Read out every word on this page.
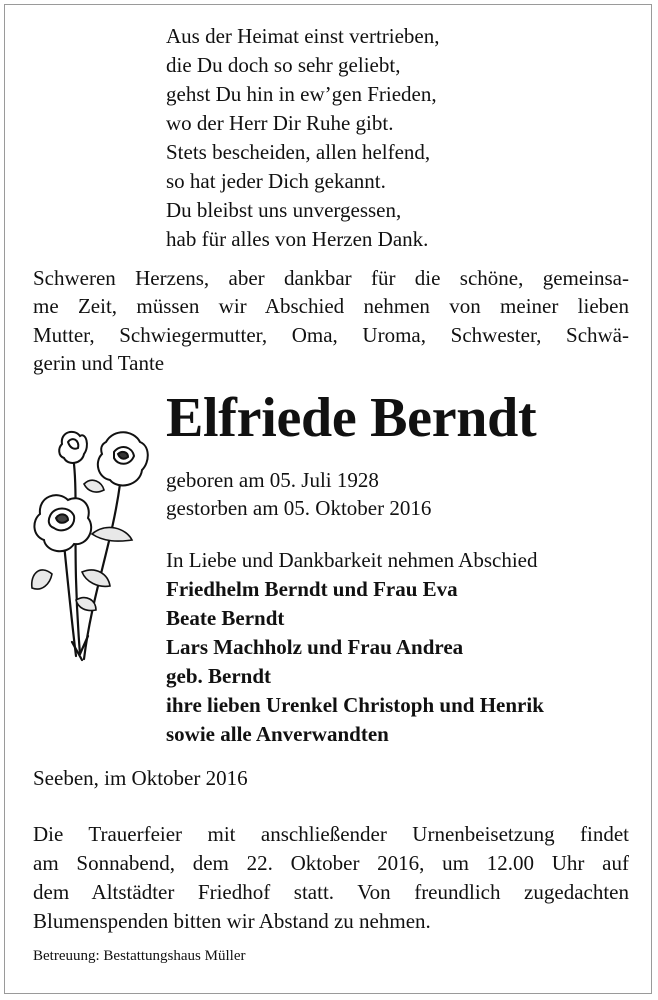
Aus der Heimat einst vertrieben,
die Du doch so sehr geliebt,
gehst Du hin in ew’gen Frieden,
wo der Herr Dir Ruhe gibt.
Stets bescheiden, allen helfend,
so hat jeder Dich gekannt.
Du bleibst uns unvergessen,
hab für alles von Herzen Dank.
Schweren Herzens, aber dankbar für die schöne, gemeinsa-
me Zeit, müssen wir Abschied nehmen von meiner lieben
Mutter, Schwiegermutter, Oma, Uroma, Schwester, Schwä-
gerin und Tante
Elfriede Berndt
geboren am 05. Juli 1928
gestorben am 05. Oktober 2016
In Liebe und Dankbarkeit nehmen Abschied
Friedhelm Berndt und Frau Eva
Beate Berndt
Lars Machholz und Frau Andrea
geb. Berndt
ihre lieben Urenkel Christoph und Henrik
sowie alle Anverwandten
Seeben, im Oktober 2016
Die Trauerfeier mit anschließender Urnenbeisetzung findet
am Sonnabend, dem 22. Oktober 2016, um 12.00 Uhr auf
dem Altstädter Friedhof statt. Von freundlich zugedachten
Blumenspenden bitten wir Abstand zu nehmen.
Betreuung: Bestattungshaus Müller
